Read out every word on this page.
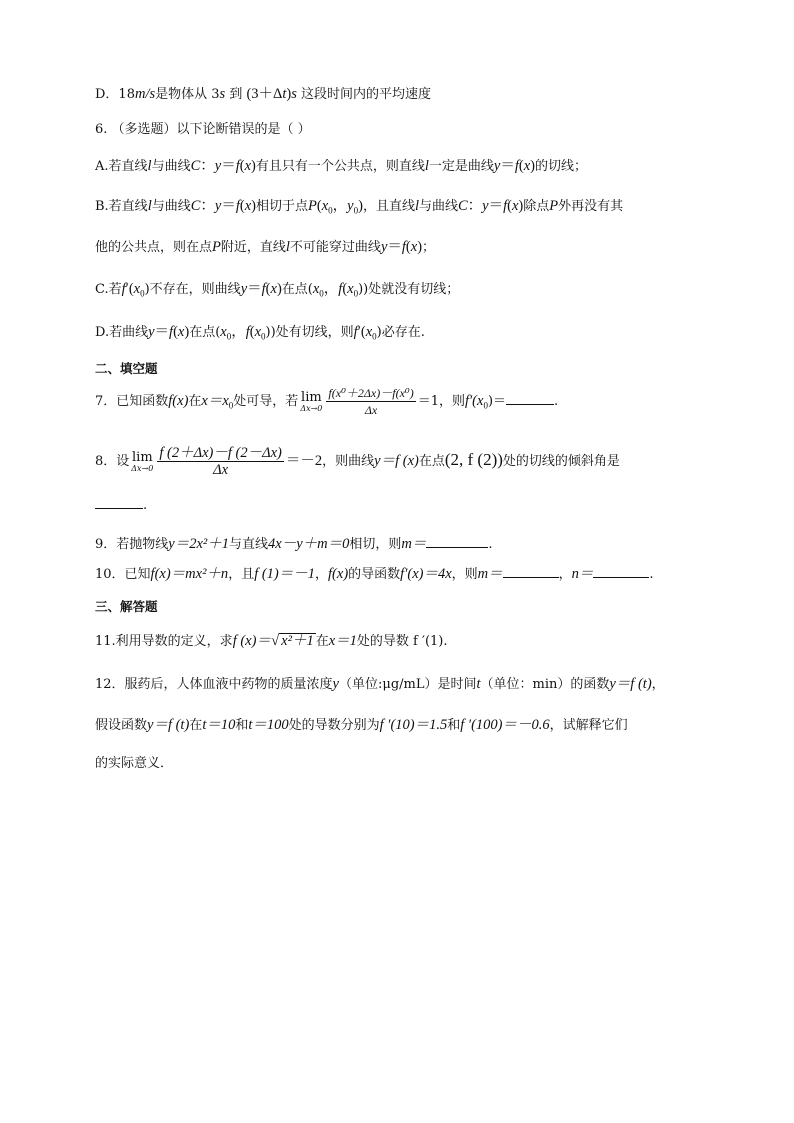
D．18m/s是物体从 3s 到 (3＋Δt)s 这段时间内的平均速度
6. （多选题）以下论断错误的是（ ）
A.若直线l与曲线C：y＝f(x)有且只有一个公共点，则直线l一定是曲线y＝f(x)的切线；
B.若直线l与曲线C：y＝f(x)相切于点$P(x_0$，$y_0$)，且直线l与曲线C：y＝f(x)除点P外再没有其
他的公共点，则在点P附近，直线l不可能穿过曲线y＝f(x)；
C.若$f'(x_0)$不存在，则曲线y＝f(x)在点($x_0$，$f(x_0)$)处就没有切线；
D.若曲线y＝f(x)在点($x_0$，$f(x_0)$)处有切线，则$f'(x_0)$必存在.
二、填空题
7．已知函数f(x)在$x=x_0$处可导，若 lim
$\Delta x\to 0 \frac{\text{f(x⁰＋2Δx)－f(x⁰)}}{\Delta x} =1$，则$f'(x_0)=$	.
8．设 lim
$\Delta x\to 0 \frac{f (2+\Delta x)-f (2-\Delta x)}{\Delta x} =-2$，则曲线y＝f (x)在点(2, f (2))处的切线的倾斜角是
.
9．若抛物线y＝2x²＋1与直线4x－y＋m＝0相切，则m＝	.
10．已知f(x)＝mx²＋n，且f (1)＝－1，f(x)的导函数f′(x)＝4x，则m＝	，n＝	.
三、解答题
11.利用导数的定义，求f (x)＝√ x²＋1 在x＝1处的导数 f ′(1).
12．服药后，人体血液中药物的质量浓度y（单位:μg/mL）是时间t（单位：min）的函数y＝f (t)，
假设函数y＝f (t)在t＝10和t＝100处的导数分别为f ′(10)＝1.5和f ′(100)＝－0.6，试解释它们
的实际意义．
